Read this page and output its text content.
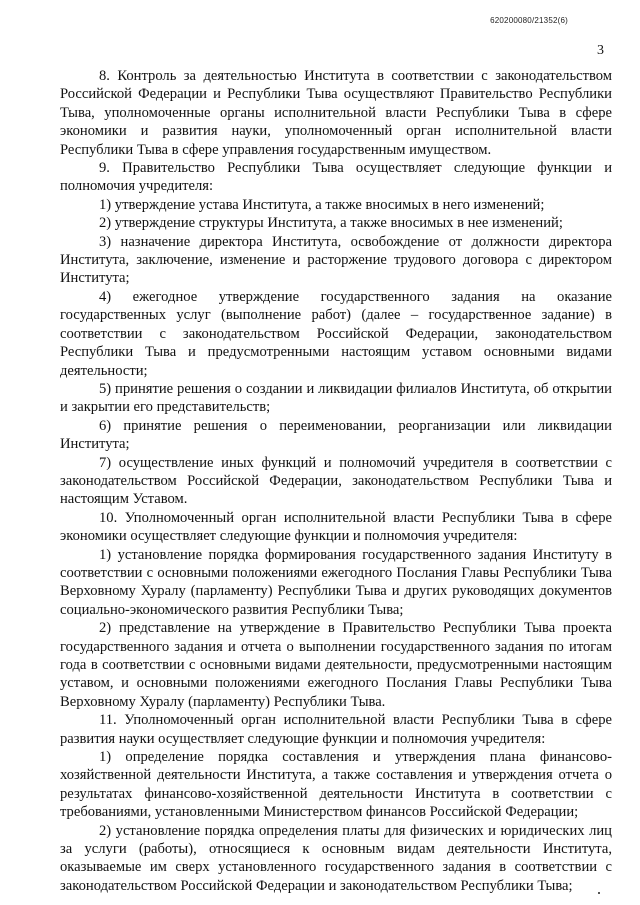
620200080/21352(6)
3

8. Контроль за деятельностью Института в соответствии с законодательством Российской Федерации и Республики Тыва осуществляют Правительство Республики Тыва, уполномоченные органы исполнительной власти Республики Тыва в сфере экономики и развития науки, уполномоченный орган исполнительной власти Республики Тыва в сфере управления государственным имуществом.

9. Правительство Республики Тыва осуществляет следующие функции и полномочия учредителя:

1) утверждение устава Института, а также вносимых в него изменений;

2) утверждение структуры Института, а также вносимых в нее изменений;

3) назначение директора Института, освобождение от должности директора Института, заключение, изменение и расторжение трудового договора с директором Института;

4) ежегодное утверждение государственного задания на оказание государственных услуг (выполнение работ) (далее – государственное задание) в соответствии с законодательством Российской Федерации, законодательством Республики Тыва и предусмотренными настоящим уставом основными видами деятельности;

5) принятие решения о создании и ликвидации филиалов Института, об открытии и закрытии его представительств;

6) принятие решения о переименовании, реорганизации или ликвидации Института;

7) осуществление иных функций и полномочий учредителя в соответствии с законодательством Российской Федерации, законодательством Республики Тыва и настоящим Уставом.

10. Уполномоченный орган исполнительной власти Республики Тыва в сфере экономики осуществляет следующие функции и полномочия учредителя:

1) установление порядка формирования государственного задания Институту в соответствии с основными положениями ежегодного Послания Главы Республики Тыва Верховному Хуралу (парламенту) Республики Тыва и других руководящих документов социально-экономического развития Республики Тыва;

2) представление на утверждение в Правительство Республики Тыва проекта государственного задания и отчета о выполнении государственного задания по итогам года в соответствии с основными видами деятельности, предусмотренными настоящим уставом, и основными положениями ежегодного Послания Главы Республики Тыва Верховному Хуралу (парламенту) Республики Тыва.

11. Уполномоченный орган исполнительной власти Республики Тыва в сфере развития науки осуществляет следующие функции и полномочия учредителя:

1) определение порядка составления и утверждения плана финансово-хозяйственной деятельности Института, а также составления и утверждения отчета о результатах финансово-хозяйственной деятельности Института в соответствии с требованиями, установленными Министерством финансов Российской Федерации;

2) установление порядка определения платы для физических и юридических лиц за услуги (работы), относящиеся к основным видам деятельности Института, оказываемые им сверх установленного государственного задания в соответствии с законодательством Российской Федерации и законодательством Республики Тыва;
